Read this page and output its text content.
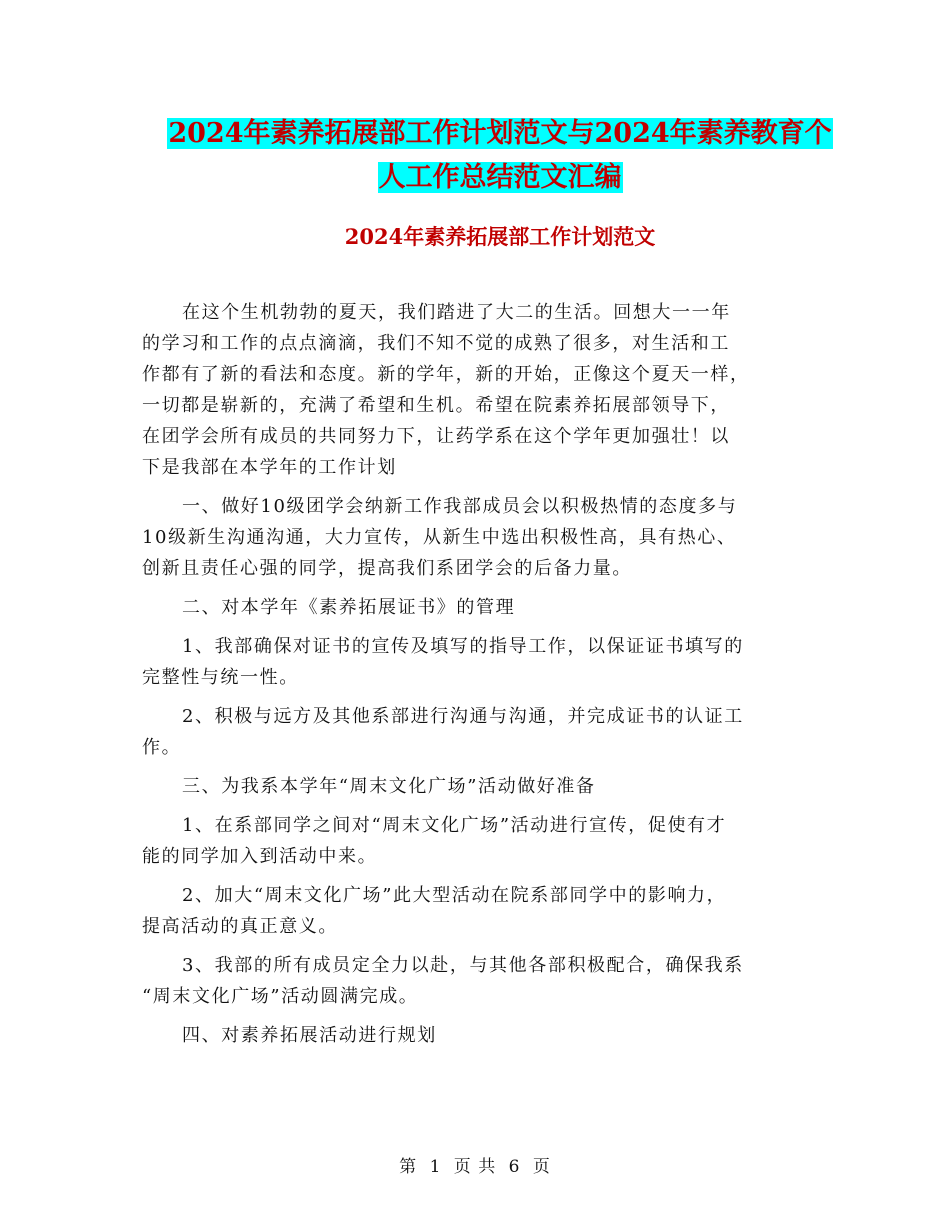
2024年素养拓展部工作计划范文与2024年素养教育个
人工作总结范文汇编
2024年素养拓展部工作计划范文

在这个生机勃勃的夏天，我们踏进了大二的生活。回想大一一年
的学习和工作的点点滴滴，我们不知不觉的成熟了很多，对生活和工
作都有了新的看法和态度。新的学年，新的开始，正像这个夏天一样，
一切都是崭新的，充满了希望和生机。希望在院素养拓展部领导下，
在团学会所有成员的共同努力下，让药学系在这个学年更加强壮！以
下是我部在本学年的工作计划

一、做好10级团学会纳新工作我部成员会以积极热情的态度多与
10级新生沟通沟通，大力宣传，从新生中选出积极性高，具有热心、
创新且责任心强的同学，提高我们系团学会的后备力量。

二、对本学年《素养拓展证书》的管理

1、我部确保对证书的宣传及填写的指导工作，以保证证书填写的
完整性与统一性。

2、积极与远方及其他系部进行沟通与沟通，并完成证书的认证工
作。

三、为我系本学年“周末文化广场”活动做好准备

1、在系部同学之间对“周末文化广场”活动进行宣传，促使有才
能的同学加入到活动中来。

2、加大“周末文化广场”此大型活动在院系部同学中的影响力，
提高活动的真正意义。

3、我部的所有成员定全力以赴，与其他各部积极配合，确保我系
“周末文化广场”活动圆满完成。

四、对素养拓展活动进行规划

第 1 页 共 6 页
